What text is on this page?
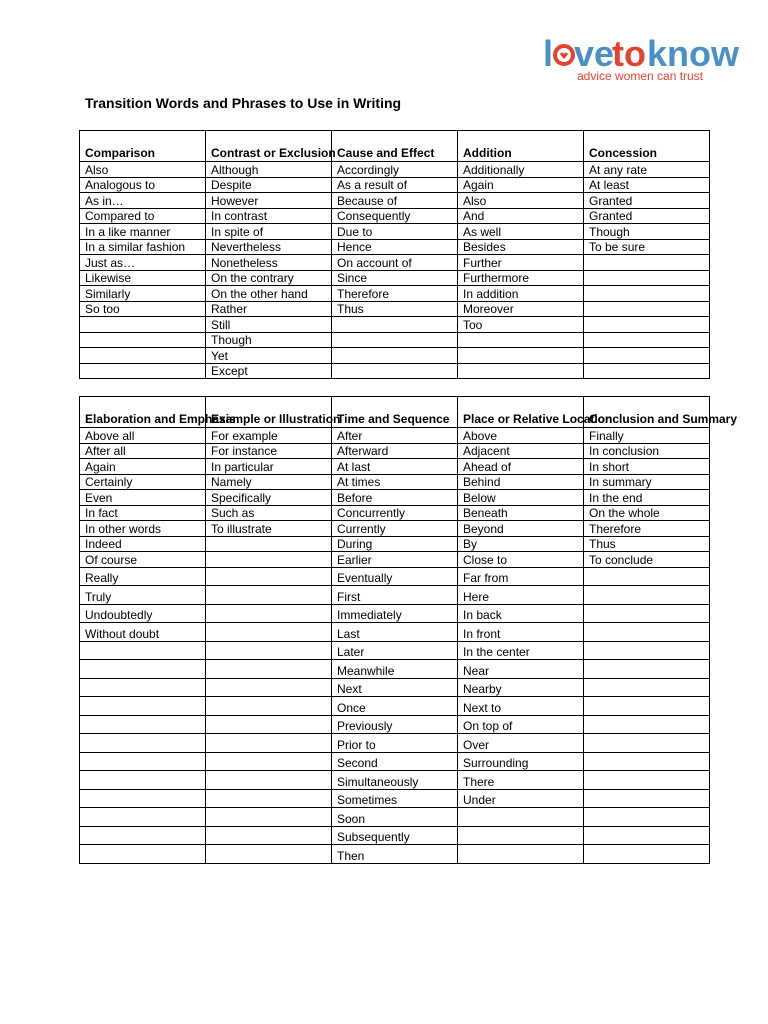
l ve
to know
advice women can trust
Transition Words and Phrases to Use in Writing
Comparison	Contrast or Exclusion	Cause and Effect	Addition	Concession
Also	Although	Accordingly	Additionally	At any rate
Analogous to	Despite	As a result of	Again	At least
As in…	However	Because of	Also	Granted
Compared to	In contrast	Consequently	And	Granted
In a like manner	In spite of	Due to	As well	Though
In a similar fashion	Nevertheless	Hence	Besides	To be sure
Just as…	Nonetheless	On account of	Further	
Likewise	On the contrary	Since	Furthermore	
Similarly	On the other hand	Therefore	In addition	
So too	Rather	Thus	Moreover	
	Still		Too	
	Though			
	Yet			
	Except			
Elaboration and Emphasis	Example or Illustration	Time and Sequence	Place or Relative Location	Conclusion and Summary
Above all	For example	After	Above	Finally
After all	For instance	Afterward	Adjacent	In conclusion
Again	In particular	At last	Ahead of	In short
Certainly	Namely	At times	Behind	In summary
Even	Specifically	Before	Below	In the end
In fact	Such as	Concurrently	Beneath	On the whole
In other words	To illustrate	Currently	Beyond	Therefore
Indeed		During	By	Thus
Of course		Earlier	Close to	To conclude
Really		Eventually	Far from	
Truly		First	Here	
Undoubtedly		Immediately	In back	
Without doubt		Last	In front	
		Later	In the center	
		Meanwhile	Near	
		Next	Nearby	
		Once	Next to	
		Previously	On top of	
		Prior to	Over	
		Second	Surrounding	
		Simultaneously	There	
		Sometimes	Under	
		Soon		
		Subsequently		
		Then		
